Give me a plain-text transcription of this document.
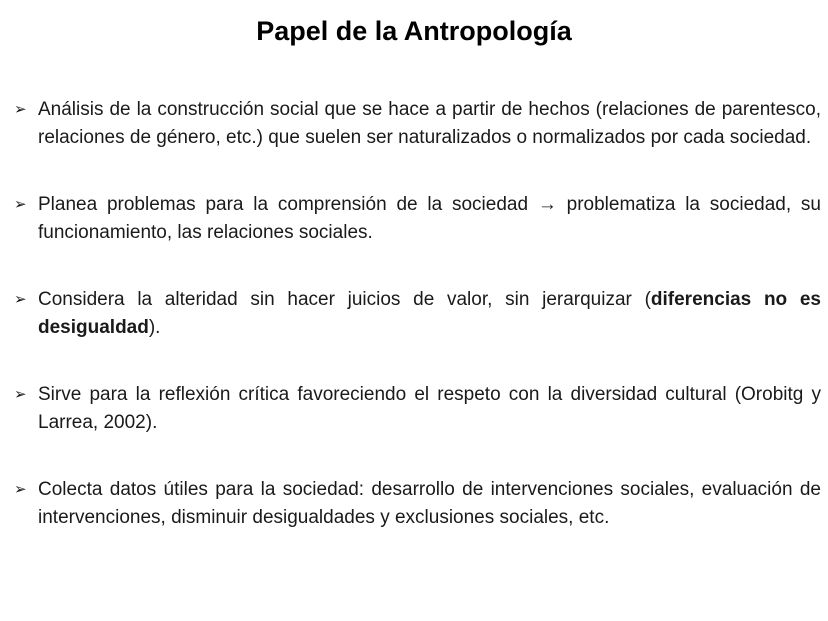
Papel de la Antropología
➢ Análisis de la construcción social que se hace a partir de hechos (relaciones de parentesco, relaciones de género, etc.) que suelen ser naturalizados o normalizados por cada sociedad.
➢ Planea problemas para la comprensión de la sociedad → problematiza la sociedad, su funcionamiento, las relaciones sociales.
➢ Considera la alteridad sin hacer juicios de valor, sin jerarquizar (diferencias no es desigualdad).
➢ Sirve para la reflexión crítica favoreciendo el respeto con la diversidad cultural (Orobitg y Larrea, 2002).
➢ Colecta datos útiles para la sociedad: desarrollo de intervenciones sociales, evaluación de intervenciones, disminuir desigualdades y exclusiones sociales, etc.
